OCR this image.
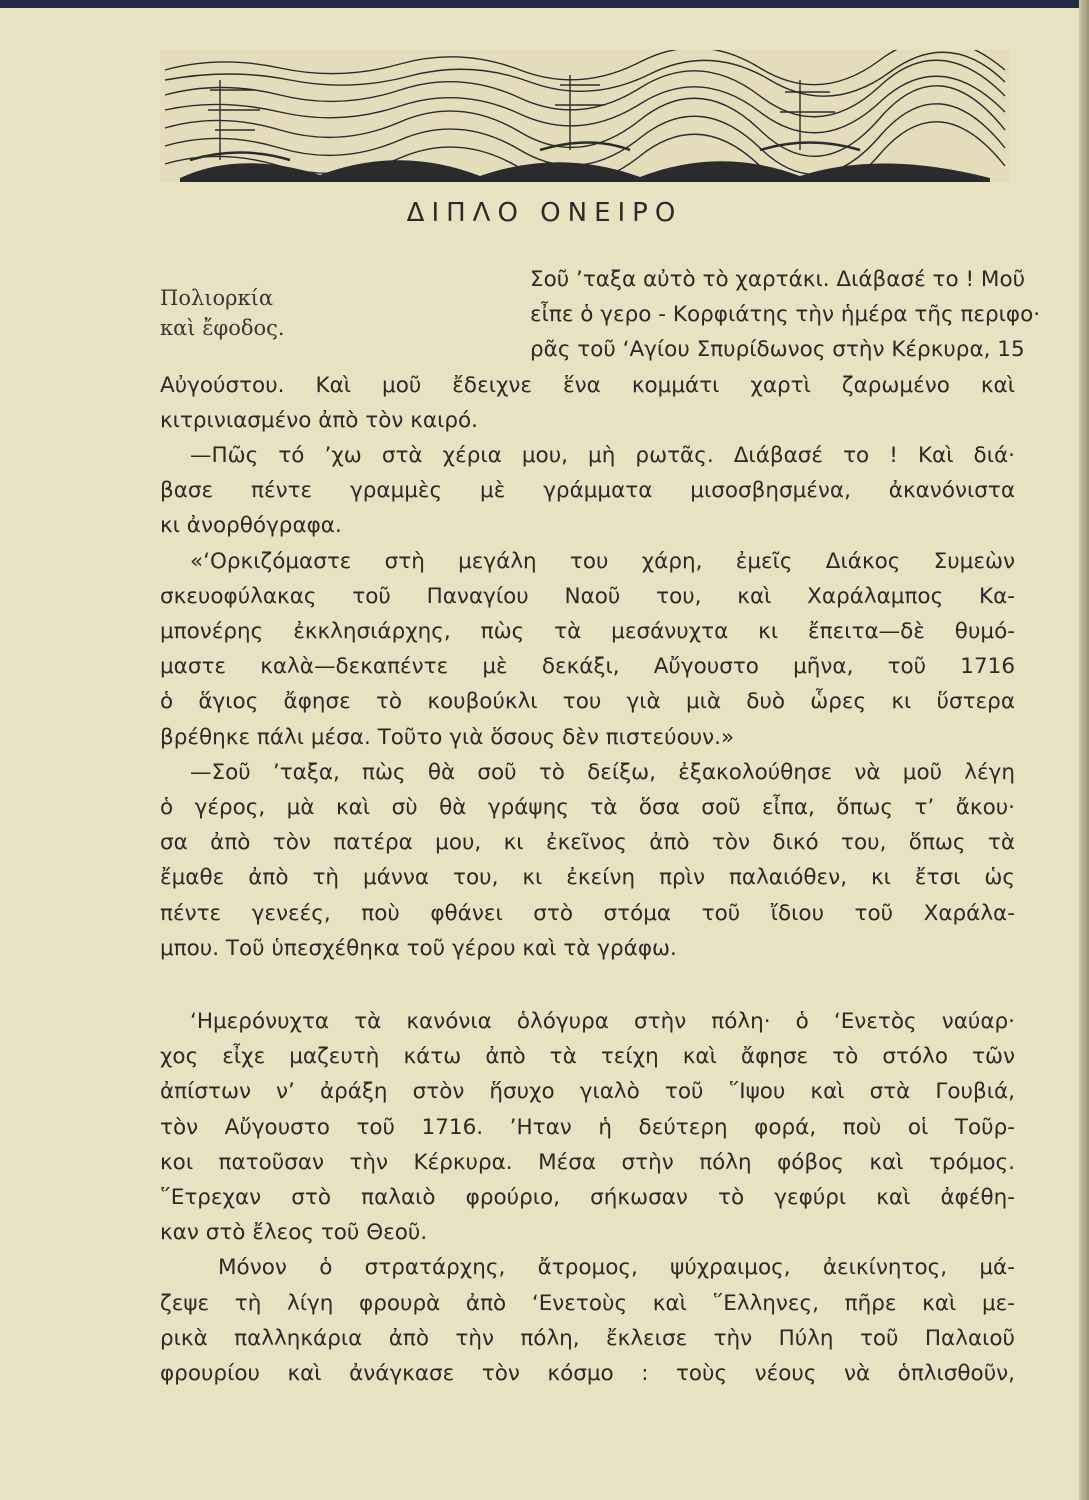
ΔΙΠΛΟ ΟΝΕΙΡΟ
Πολιορκία
καὶ ἔφοδος.
Σοῦ ’ταξα αὐτὸ τὸ χαρτάκι. Διάβασέ το ! Μοῦ
εἶπε ὁ γερο - Κορφιάτης τὴν ἡμέρα τῆς περιφο·
ρᾶς τοῦ ‘Αγίου Σπυρίδωνος στὴν Κέρκυρα, 15
Αὐγούστου. Καὶ μοῦ ἔδειχνε ἕνα κομμάτι χαρτὶ ζαρωμένο καὶ
κιτρινιασμένο ἀπὸ τὸν καιρό.
—Πῶς τό ’χω στὰ χέρια μου, μὴ ρωτᾶς. Διάβασέ το ! Καὶ διά·
βασε πέντε γραμμὲς μὲ γράμματα μισοσβησμένα, ἀκανόνιστα
κι ἀνορθόγραφα.
«‘Ορκιζόμαστε στὴ μεγάλη του χάρη, ἐμεῖς Διάκος Συμεὼν
σκευοφύλακας τοῦ Παναγίου Ναοῦ του, καὶ Χαράλαμπος Κα-
μπονέρης ἐκκλησιάρχης, πὼς τὰ μεσάνυχτα κι ἔπειτα—δὲ θυμό-
μαστε καλὰ—δεκαπέντε μὲ δεκάξι, Αὔγουστο μῆνα, τοῦ 1716
ὁ ἅγιος ἄφησε τὸ κουβούκλι του γιὰ μιὰ δυὸ ὧρες κι ὕστερα
βρέθηκε πάλι μέσα. Τοῦτο γιὰ ὅσους δὲν πιστεύουν.»
—Σοῦ ’ταξα, πὼς θὰ σοῦ τὸ δείξω, ἐξακολούθησε νὰ μοῦ λέγη
ὁ γέρος, μὰ καὶ σὺ θὰ γράψης τὰ ὅσα σοῦ εἶπα, ὅπως τ’ ἄκου·
σα ἀπὸ τὸν πατέρα μου, κι ἐκεῖνος ἀπὸ τὸν δικό του, ὅπως τὰ
ἔμαθε ἀπὸ τὴ μάννα του, κι ἐκείνη πρὶν παλαιόθεν, κι ἔτσι ὡς
πέντε γενεές, ποὺ φθάνει στὸ στόμα τοῦ ἴδιου τοῦ Χαράλα-
μπου. Τοῦ ὑπεσχέθηκα τοῦ γέρου καὶ τὰ γράφω.
‘Ημερόνυχτα τὰ κανόνια ὁλόγυρα στὴν πόλη· ὁ ‘Ενετὸς ναύαρ·
χος εἶχε μαζευτὴ κάτω ἀπὸ τὰ τείχη καὶ ἄφησε τὸ στόλο τῶν
ἀπίστων ν’ ἀράξη στὸν ἥσυχο γιαλὸ τοῦ ῞Ιψου καὶ στὰ Γουβιά,
τὸν Αὔγουστο τοῦ 1716. ’Ηταν ἡ δεύτερη φορά, ποὺ οἱ Τοῦρ-
κοι πατοῦσαν τὴν Κέρκυρα. Μέσα στὴν πόλη φόβος καὶ τρόμος.
῞Ετρεχαν στὸ παλαιὸ φρούριο, σήκωσαν τὸ γεφύρι καὶ ἀφέθη-
καν στὸ ἔλεος τοῦ Θεοῦ.
Μόνον ὁ στρατάρχης, ἄτρομος, ψύχραιμος, ἀεικίνητος, μά-
ζεψε τὴ λίγη φρουρὰ ἀπὸ ‘Ενετοὺς καὶ ῞Ελληνες, πῆρε καὶ με-
ρικὰ παλληκάρια ἀπὸ τὴν πόλη, ἔκλεισε τὴν Πύλη τοῦ Παλαιοῦ
φρουρίου καὶ ἀνάγκασε τὸν κόσμο : τοὺς νέους νὰ ὁπλισθοῦν,
